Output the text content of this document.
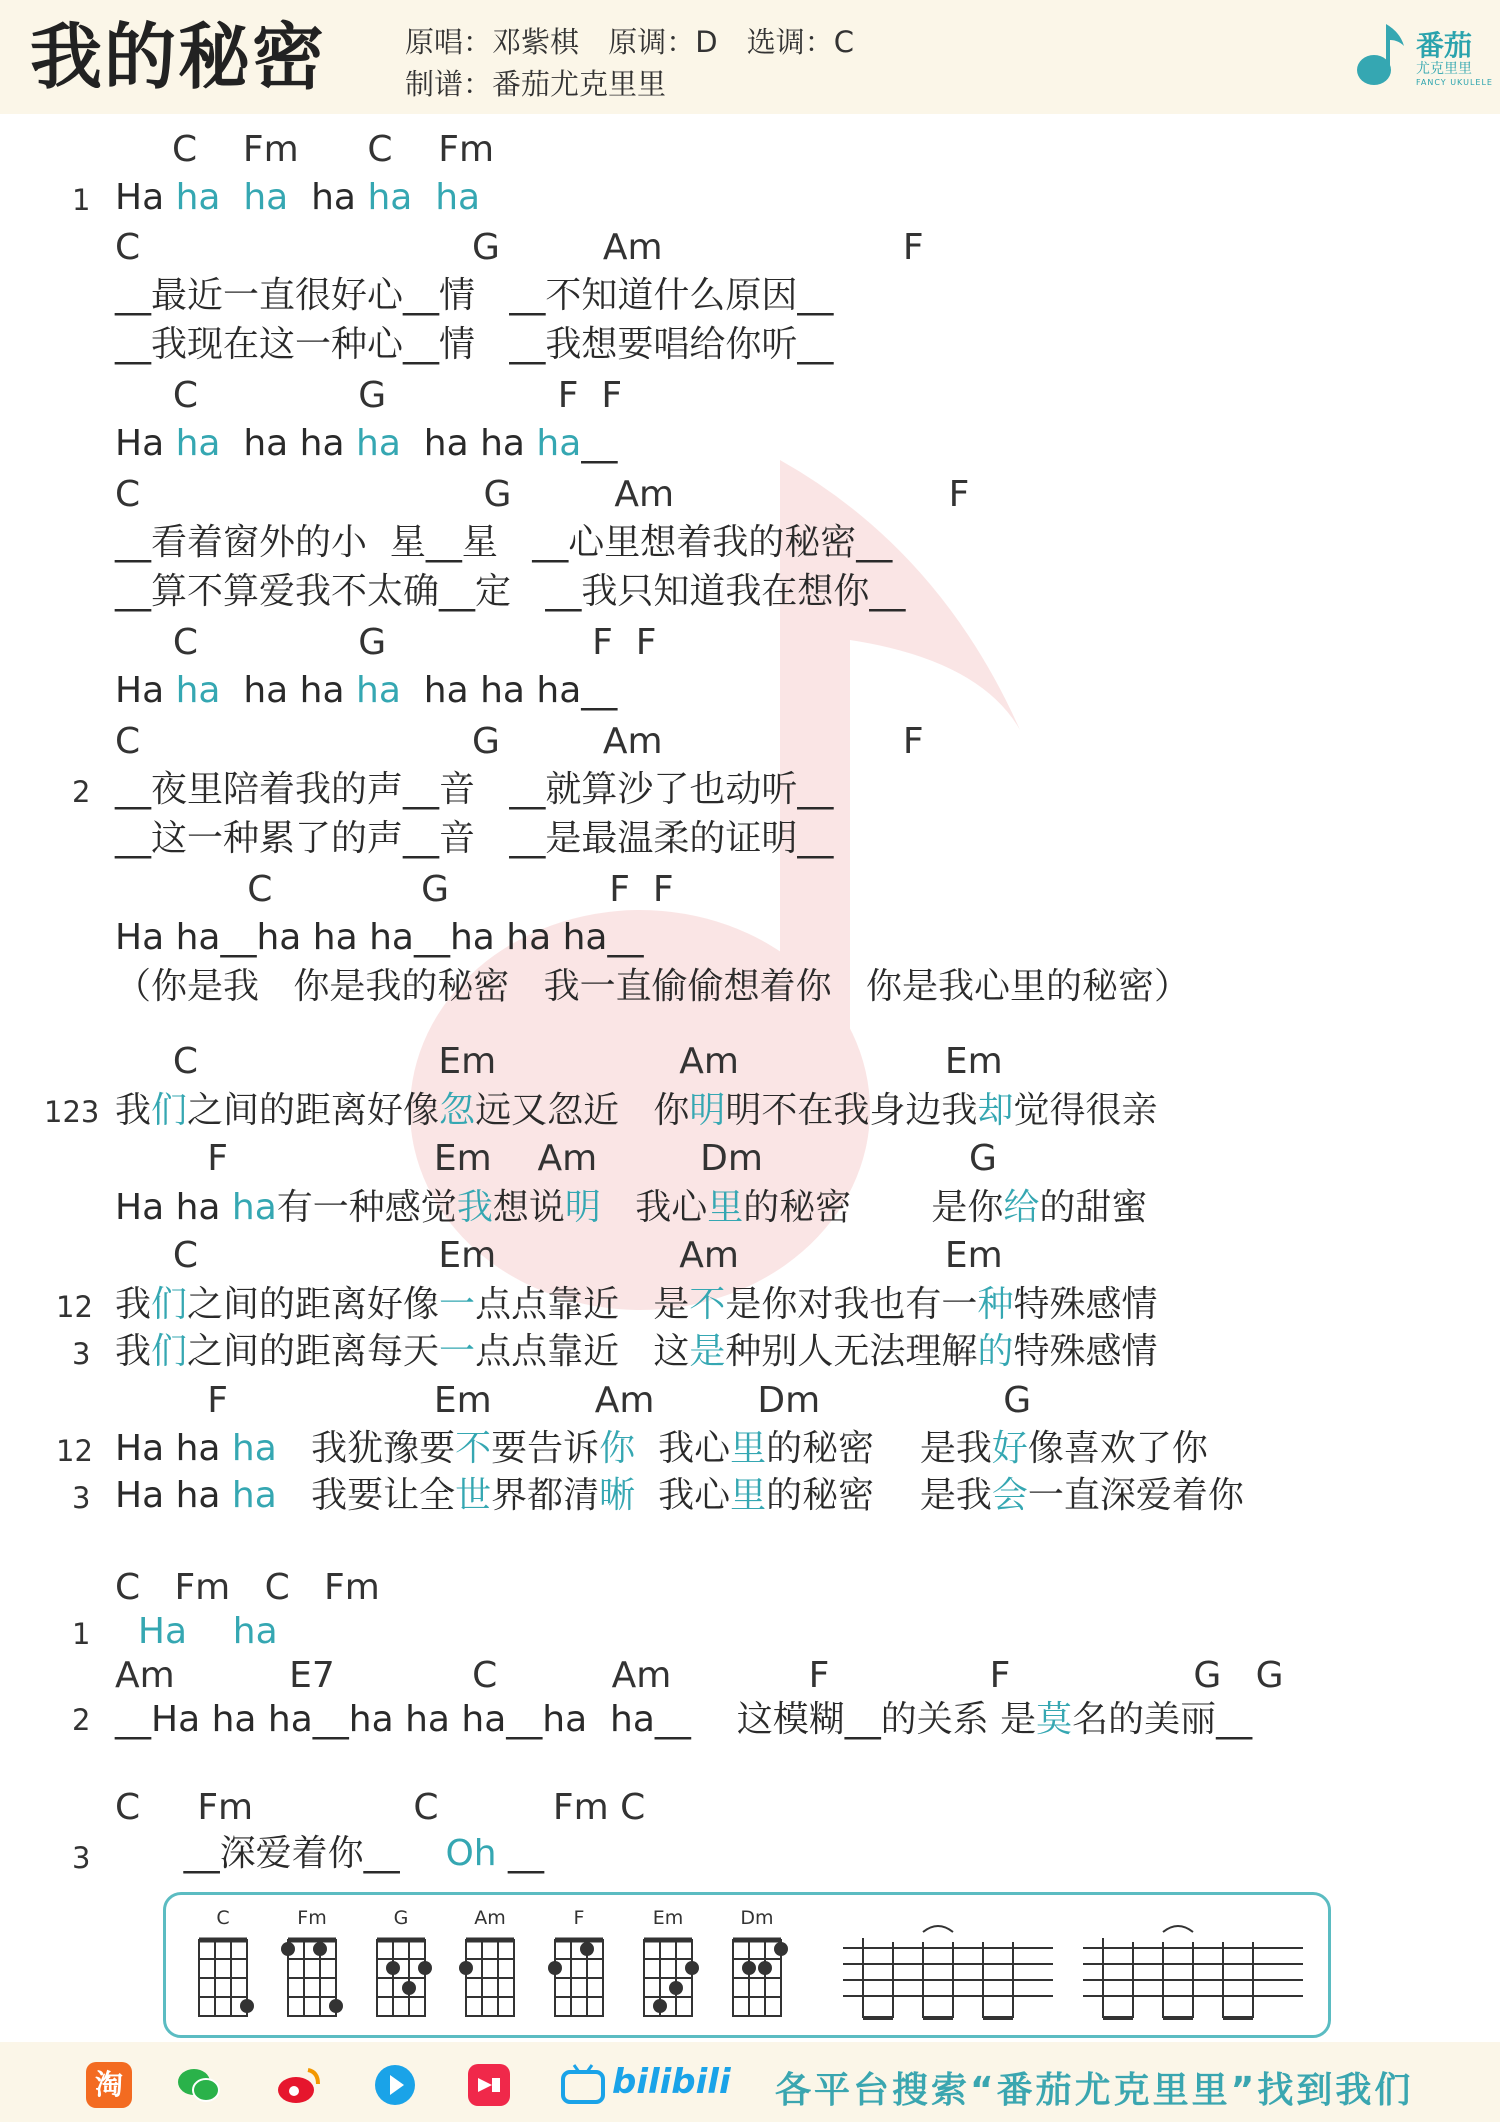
我的秘密	原唱：邓紫棋 原调：D 选调：C
制谱：番茄尤克里里
番茄
尤克里里
FANCY UKULELE
1
2
123
12
3
12
3
1
2
3
C    Fm      C    Fm
Ha ha  ha  ha ha  ha
C                             G         Am                     F
__最近一直很好心__情   __不知道什么原因__
__我现在这一种心__情   __我想要唱给你听__
C              G               F  F
Ha ha  ha ha ha  ha ha ha__
C                              G         Am                        F
__看着窗外的小  星__星   __心里想着我的秘密__
__算不算爱我不太确__定   __我只知道我在想你__
C              G                  F  F
Ha ha  ha ha ha  ha ha ha__
C                             G         Am                     F
__夜里陪着我的声__音   __就算沙了也动听__
__这一种累了的声__音   __是最温柔的证明__
C             G              F  F
Ha ha__ha ha ha__ha ha ha__
（你是我   你是我的秘密   我一直偷偷想着你   你是我心里的秘密）
C                     Em                Am                  Em
我们之间的距离好像忽远又忽近   你明明不在我身边我却觉得很亲
F                  Em    Am         Dm                  G
Ha ha ha有一种感觉我想说明   我心里的秘密       是你给的甜蜜
C                     Em                Am                  Em
我们之间的距离好像一点点靠近   是不是你对我也有一种特殊感情
我们之间的距离每天一点点靠近   这是种别人无法理解的特殊感情
F                  Em         Am         Dm                G
Ha ha ha   我犹豫要不要告诉你  我心里的秘密    是我好像喜欢了你
Ha ha ha   我要让全世界都清晰  我心里的秘密    是我会一直深爱着你
C   Fm   C   Fm
Ha    ha
Am          E7            C          Am            F              F                G   G
__Ha ha ha__ha ha ha__ha  ha__    这模糊__的关系 是莫名的美丽__
C     Fm              C          Fm C
__深爱着你__    Oh __
C	Fm	G	Am	F	Em	Dm
淘	bilibili 各平台搜索“番茄尤克里里”找到我们
